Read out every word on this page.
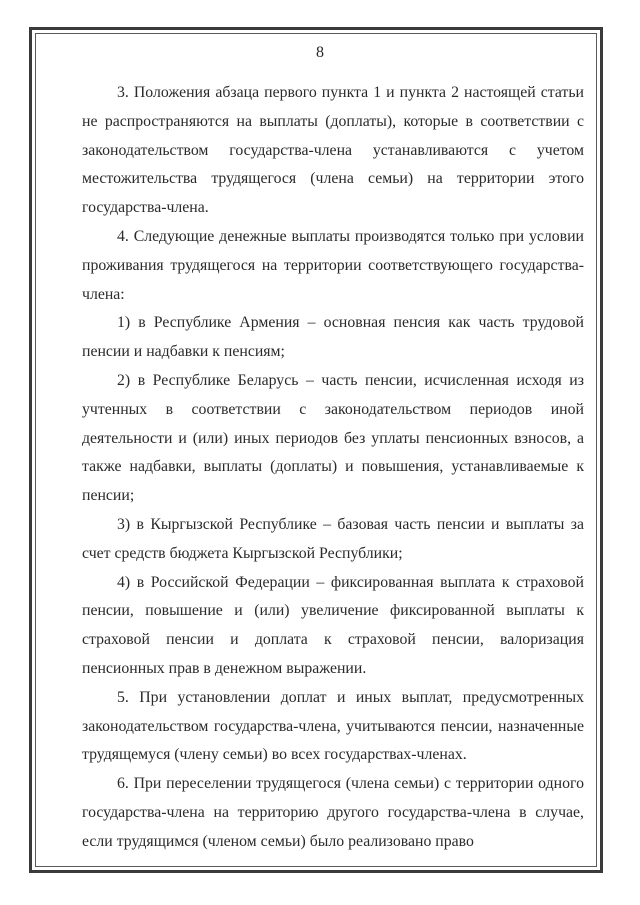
8

3. Положения абзаца первого пункта 1 и пункта 2 настоящей статьи не распространяются на выплаты (доплаты), которые в соответствии с законодательством государства-члена устанавливаются с учетом местожительства трудящегося (члена семьи) на территории этого государства-члена.

4. Следующие денежные выплаты производятся только при условии проживания трудящегося на территории соответствующего государства-члена:

1) в Республике Армения – основная пенсия как часть трудовой пенсии и надбавки к пенсиям;

2) в Республике Беларусь – часть пенсии, исчисленная исходя из учтенных в соответствии с законодательством периодов иной деятельности и (или) иных периодов без уплаты пенсионных взносов, а также надбавки, выплаты (доплаты) и повышения, устанавливаемые к пенсии;

3) в Кыргызской Республике – базовая часть пенсии и выплаты за счет средств бюджета Кыргызской Республики;

4) в Российской Федерации – фиксированная выплата к страховой пенсии, повышение и (или) увеличение фиксированной выплаты к страховой пенсии и доплата к страховой пенсии, валоризация пенсионных прав в денежном выражении.

5. При установлении доплат и иных выплат, предусмотренных законодательством государства-члена, учитываются пенсии, назначенные трудящемуся (члену семьи) во всех государствах-членах.

6. При переселении трудящегося (члена семьи) с территории одного государства-члена на территорию другого государства-члена в случае, если трудящимся (членом семьи) было реализовано право
